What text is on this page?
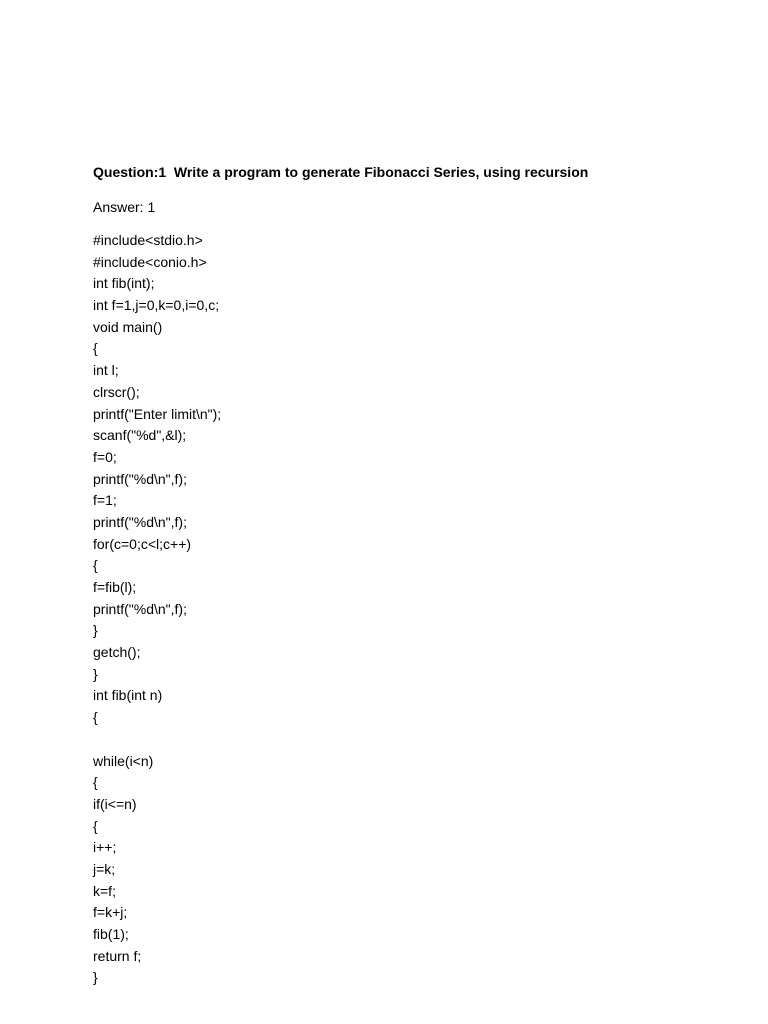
Question:1  Write a program to generate Fibonacci Series, using recursion
Answer: 1
#include<stdio.h>
#include<conio.h>
int fib(int);
int f=1,j=0,k=0,i=0,c;
void main()
{
int l;
clrscr();
printf("Enter limit\n");
scanf("%d",&l);
f=0;
printf("%d\n",f);
f=1;
printf("%d\n",f);
for(c=0;c<l;c++)
{
f=fib(l);
printf("%d\n",f);
}
getch();
}
int fib(int n)
{
while(i<n)
{
if(i<=n)
{
i++;
j=k;
k=f;
f=k+j;
fib(1);
return f;
}
